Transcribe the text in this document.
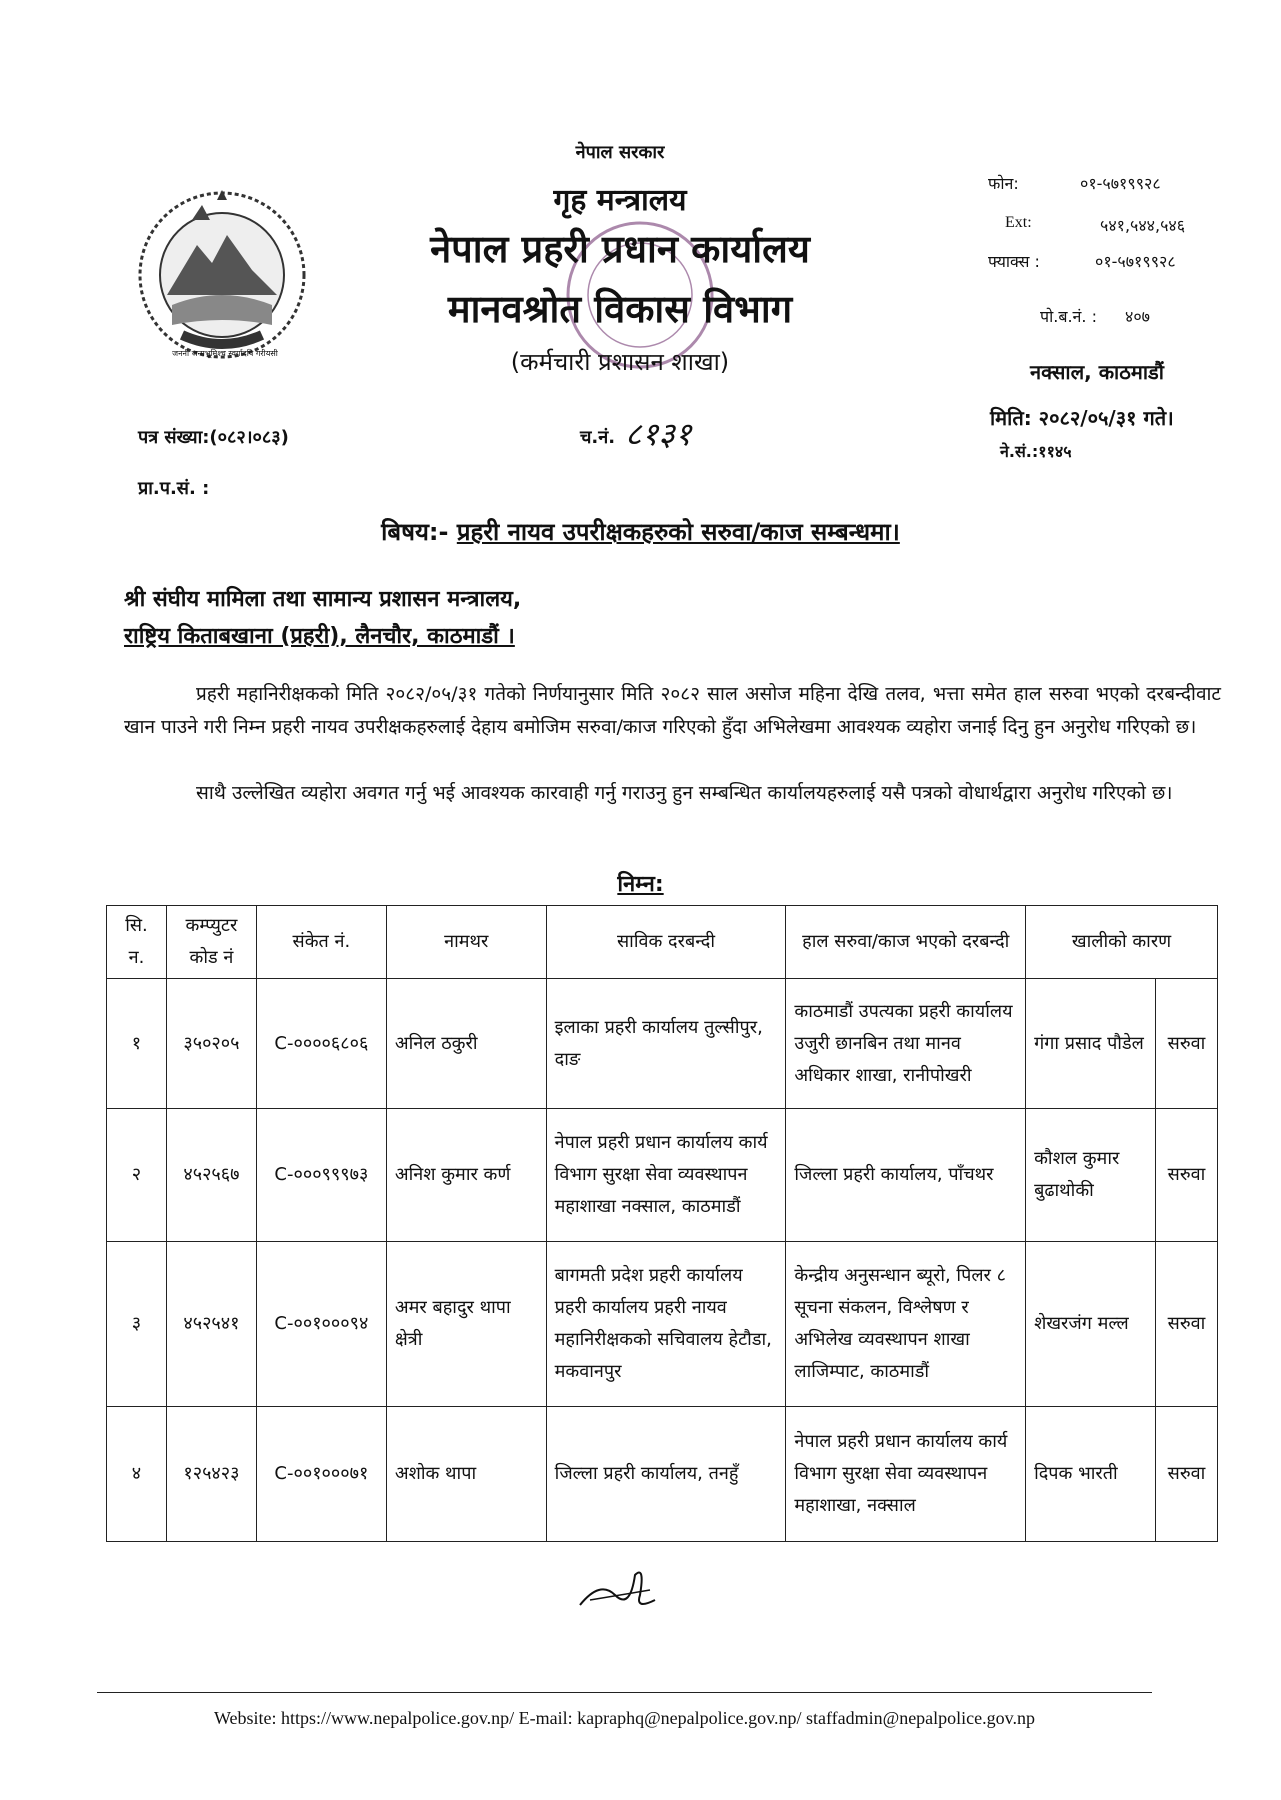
जननी जन्मभूमिश्च स्वर्गादपि गरीयसी
नेपाल सरकार
गृह मन्त्रालय
नेपाल प्रहरी प्रधान कार्यालय
मानवश्रोत विकास विभाग
(कर्मचारी प्रशासन शाखा)
फोन:	०१-५७१९९२८
Ext:	५४१,५४४,५४६
फ्याक्स :	०१-५७१९९२८
पो.ब.नं. : ४०७
नक्साल, काठमाडौं
मिति: २०८२/०५/३१ गते।
ने.सं.:११४५
पत्र संख्या:(०८२।०८३)	च.नं. ८१३१
प्रा.प.सं. :
बिषय:- प्रहरी नायव उपरीक्षकहरुको सरुवा/काज सम्बन्धमा।
श्री संघीय मामिला तथा सामान्य प्रशासन मन्त्रालय,
राष्ट्रिय किताबखाना (प्रहरी), लैनचौर, काठमाडौं ।
प्रहरी महानिरीक्षकको मिति २०८२/०५/३१ गतेको निर्णयानुसार मिति २०८२ साल असोज महिना देखि तलव, भत्ता समेत हाल सरुवा भएको दरबन्दीवाट खान पाउने गरी निम्न प्रहरी नायव उपरीक्षकहरुलाई देहाय बमोजिम सरुवा/काज गरिएको हुँदा अभिलेखमा आवश्यक व्यहोरा जनाई दिनु हुन अनुरोध गरिएको छ।
साथै उल्लेखित व्यहोरा अवगत गर्नु भई आवश्यक कारवाही गर्नु गराउनु हुन सम्बन्धित कार्यालयहरुलाई यसै पत्रको वोधार्थद्वारा अनुरोध गरिएको छ।
निम्न:
सि. न.	कम्प्युटर कोड नं	संकेत नं.	नामथर	साविक दरबन्दी	हाल सरुवा/काज भएको दरबन्दी	खालीको कारण	
१	३५०२०५	C-००००६८०६	अनिल ठकुरी	इलाका प्रहरी कार्यालय तुल्सीपुर, दाङ	काठमाडौं उपत्यका प्रहरी कार्यालय उजुरी छानबिन तथा मानव अधिकार शाखा, रानीपोखरी	गंगा प्रसाद पौडेल	सरुवा
२	४५२५६७	C-०००९९९७३	अनिश कुमार कर्ण	नेपाल प्रहरी प्रधान कार्यालय कार्य विभाग सुरक्षा सेवा व्यवस्थापन महाशाखा नक्साल, काठमाडौं	जिल्ला प्रहरी कार्यालय, पाँचथर	कौशल कुमार बुढाथोकी	सरुवा
३	४५२५४१	C-००१०००९४	अमर बहादुर थापा क्षेत्री	बागमती प्रदेश प्रहरी कार्यालय प्रहरी कार्यालय प्रहरी नायव महानिरीक्षकको सचिवालय हेटौडा, मकवानपुर	केन्द्रीय अनुसन्धान ब्यूरो, पिलर ८ सूचना संकलन, विश्लेषण र अभिलेख व्यवस्थापन शाखा लाजिम्पाट, काठमाडौं	शेखरजंग मल्ल	सरुवा
४	१२५४२३	C-००१०००७१	अशोक थापा	जिल्ला प्रहरी कार्यालय, तनहुँ	नेपाल प्रहरी प्रधान कार्यालय कार्य विभाग सुरक्षा सेवा व्यवस्थापन महाशाखा, नक्साल	दिपक भारती	सरुवा
Website: https://www.nepalpolice.gov.np/ E-mail: kapraphq@nepalpolice.gov.np/ staffadmin@nepalpolice.gov.np
